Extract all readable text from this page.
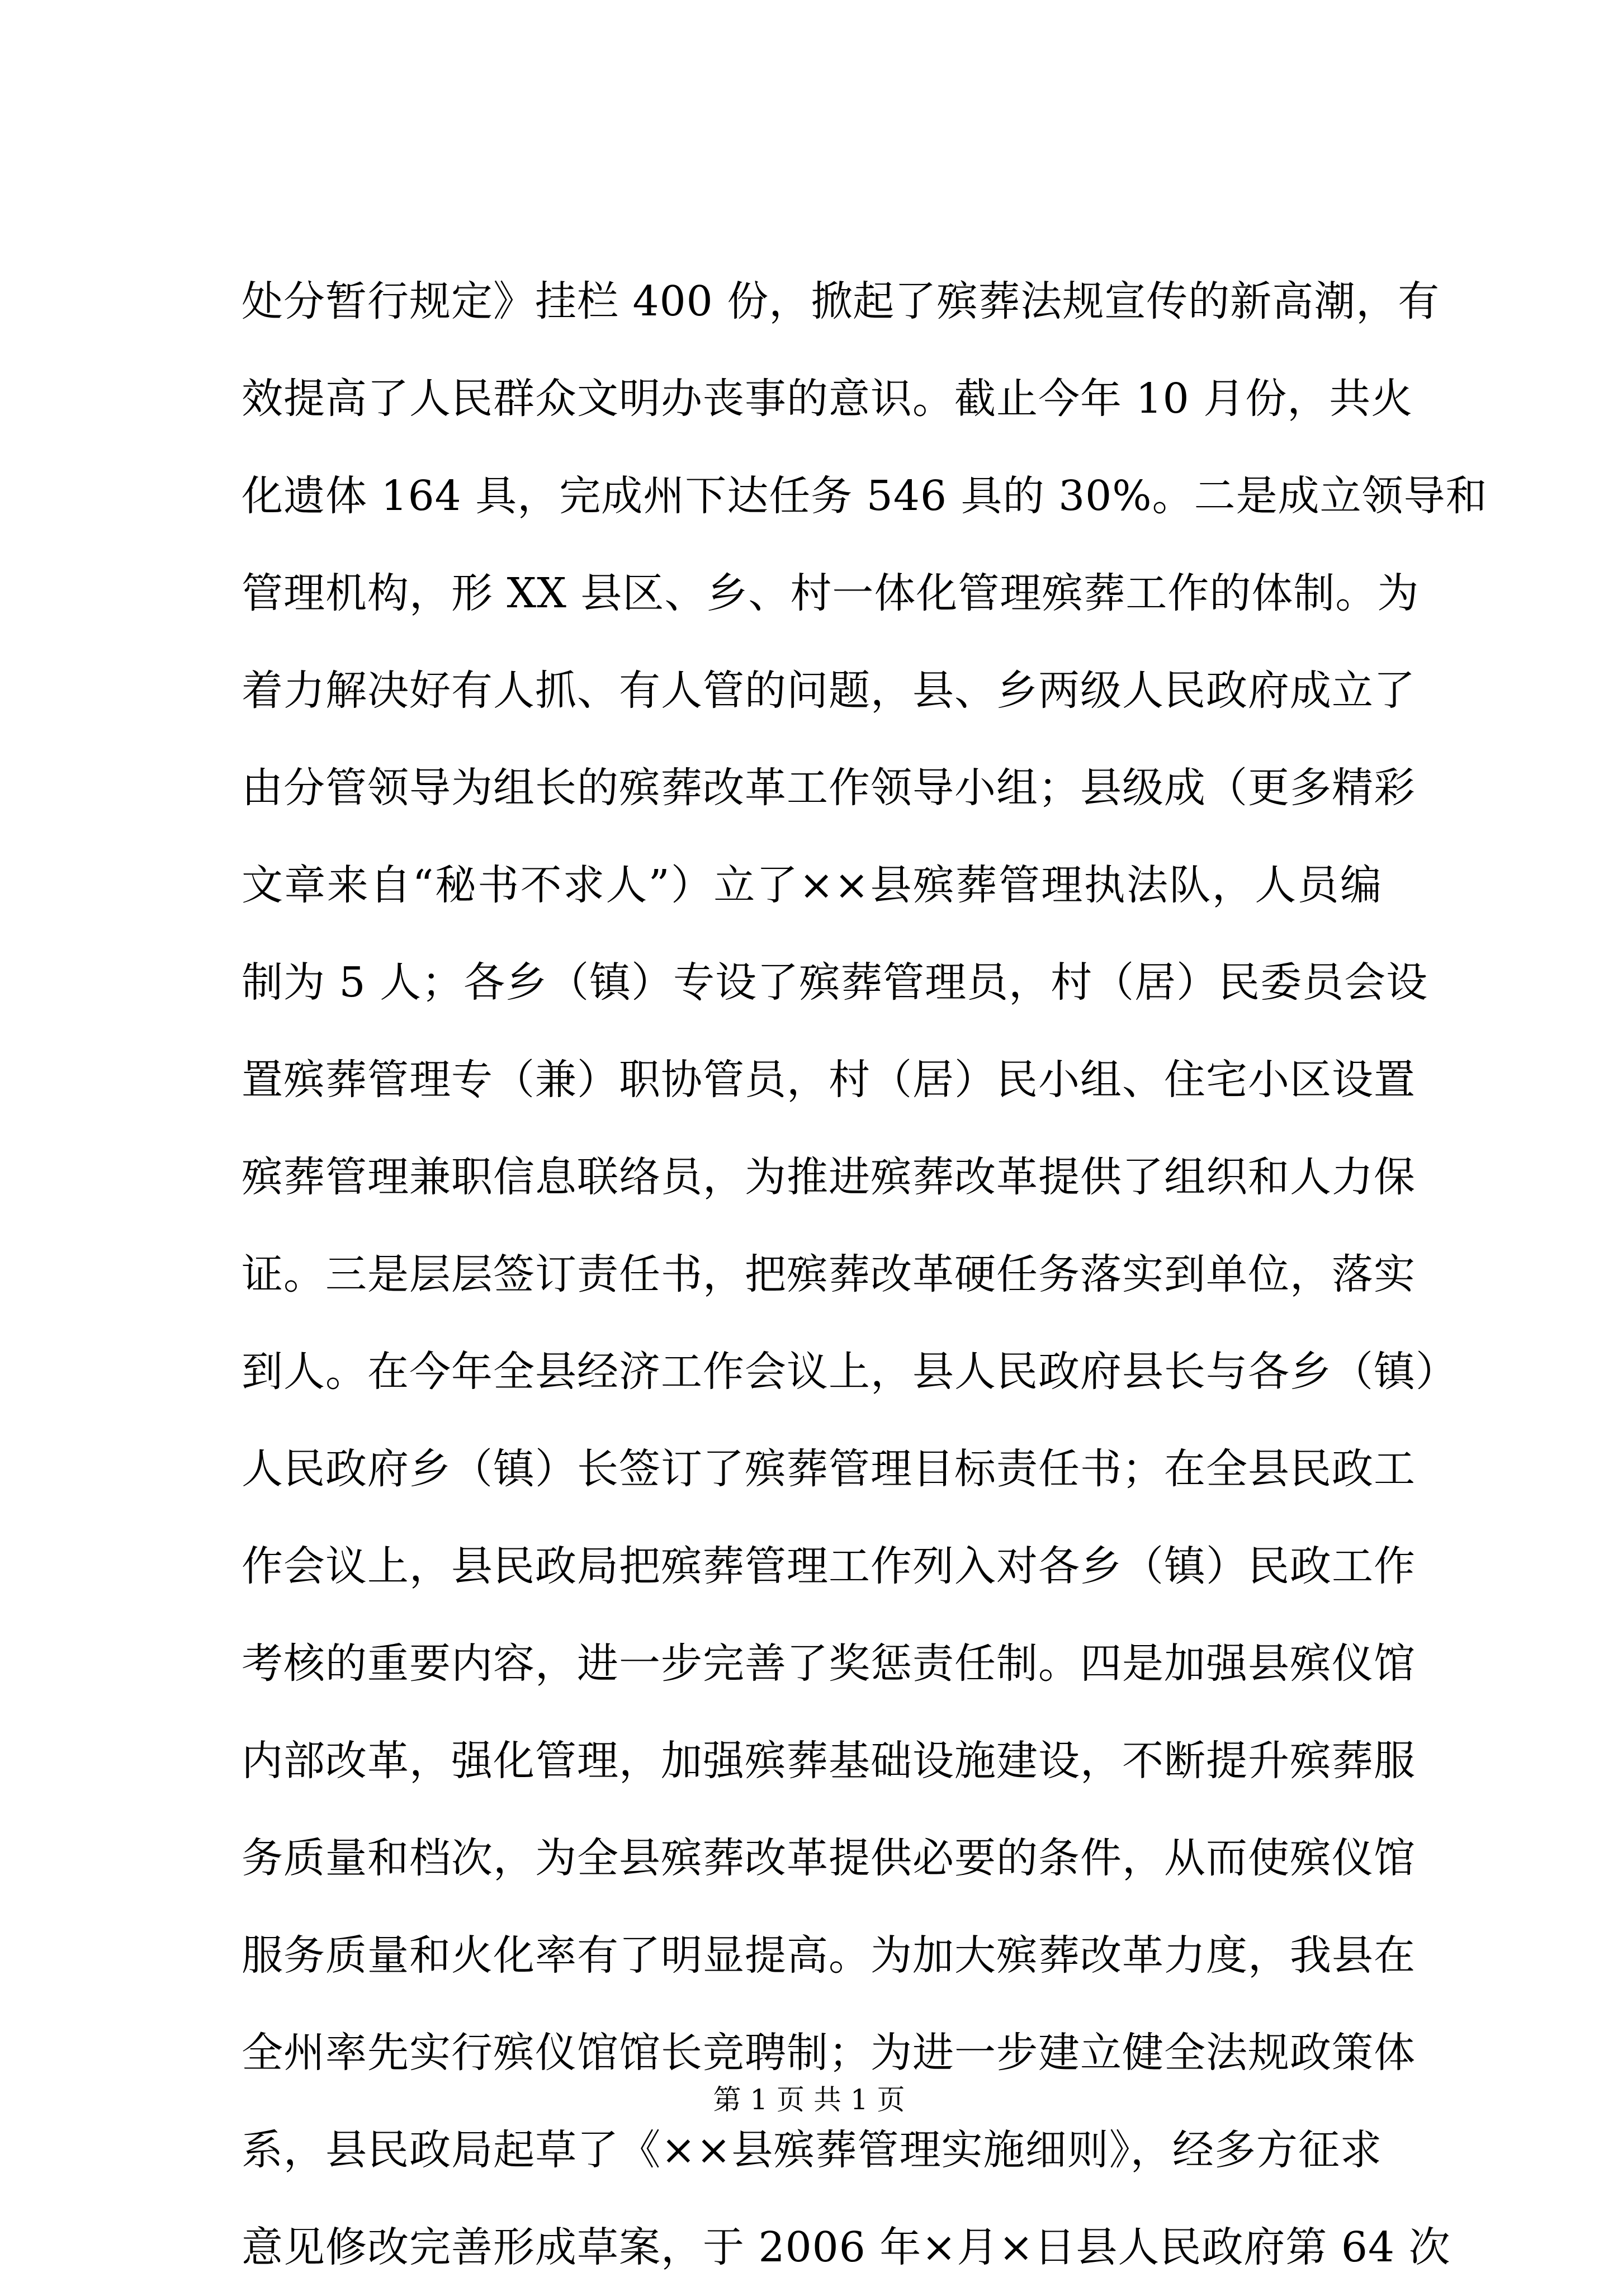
处分暂行规定》挂栏 400 份，掀起了殡葬法规宣传的新高潮，有
效提高了人民群众文明办丧事的意识。截止今年 10 月份，共火
化遗体 164 具，完成州下达任务 546 具的 30%。二是成立领导和
管理机构，形 XX 县区、乡、村一体化管理殡葬工作的体制。为
着力解决好有人抓、有人管的问题，县、乡两级人民政府成立了
由分管领导为组长的殡葬改革工作领导小组；县级成（更多精彩
文章来自“秘书不求人”）立了××县殡葬管理执法队，人员编
制为 5 人；各乡（镇）专设了殡葬管理员，村（居）民委员会设
置殡葬管理专（兼）职协管员，村（居）民小组、住宅小区设置
殡葬管理兼职信息联络员，为推进殡葬改革提供了组织和人力保
证。三是层层签订责任书，把殡葬改革硬任务落实到单位，落实
到人。在今年全县经济工作会议上，县人民政府县长与各乡（镇）
人民政府乡（镇）长签订了殡葬管理目标责任书；在全县民政工
作会议上，县民政局把殡葬管理工作列入对各乡（镇）民政工作
考核的重要内容，进一步完善了奖惩责任制。四是加强县殡仪馆
内部改革，强化管理，加强殡葬基础设施建设，不断提升殡葬服
务质量和档次，为全县殡葬改革提供必要的条件，从而使殡仪馆
服务质量和火化率有了明显提高。为加大殡葬改革力度，我县在
全州率先实行殡仪馆馆长竞聘制；为进一步建立健全法规政策体
系，县民政局起草了《××县殡葬管理实施细则》，经多方征求
意见修改完善形成草案，于 2006 年×月×日县人民政府第 64 次
第 1 页 共 1 页
